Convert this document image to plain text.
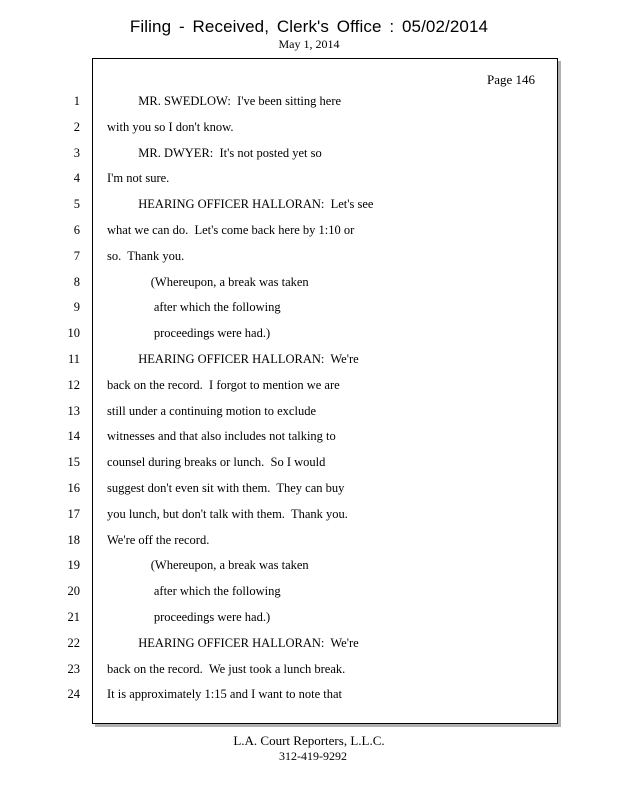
Filing - Received, Clerk's Office : 05/02/2014
May 1, 2014
Page 146
1 MR. SWEDLOW:  I've been sitting here
2 with you so I don't know.
3 MR. DWYER:  It's not posted yet so
4 I'm not sure.
5 HEARING OFFICER HALLORAN:  Let's see
6 what we can do.  Let's come back here by 1:10 or
7 so.  Thank you.
8 (Whereupon, a break was taken
9 after which the following
10 proceedings were had.)
11 HEARING OFFICER HALLORAN:  We're
12 back on the record.  I forgot to mention we are
13 still under a continuing motion to exclude
14 witnesses and that also includes not talking to
15 counsel during breaks or lunch.  So I would
16 suggest don't even sit with them.  They can buy
17 you lunch, but don't talk with them.  Thank you.
18 We're off the record.
19 (Whereupon, a break was taken
20 after which the following
21 proceedings were had.)
22 HEARING OFFICER HALLORAN:  We're
23 back on the record.  We just took a lunch break.
24 It is approximately 1:15 and I want to note that
L.A. Court Reporters, L.L.C.
312-419-9292
